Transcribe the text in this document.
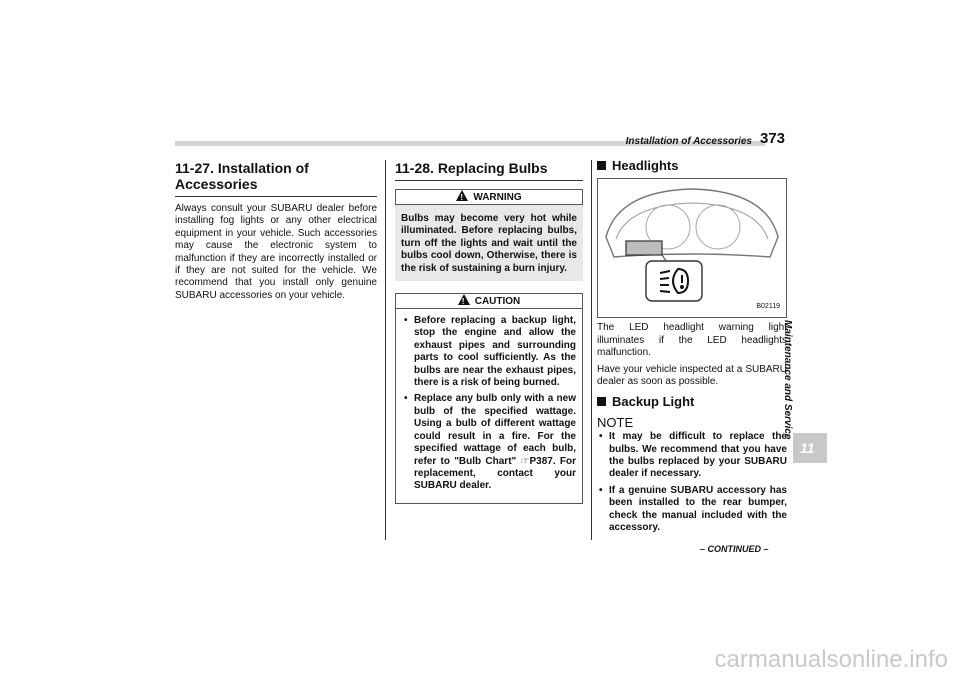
Installation of Accessories 373
Maintenance and Service
11
11-27. Installation of Accessories

Always consult your SUBARU dealer before installing fog lights or any other electrical equipment in your vehicle. Such accessories may cause the electronic system to malfunction if they are incorrectly installed or if they are not suited for the vehicle. We recommend that you install only genuine SUBARU accessories on your vehicle.

11-28. Replacing Bulbs
!WARNING

Bulbs may become very hot while illuminated. Before replacing bulbs, turn off the lights and wait until the bulbs cool down, Otherwise, there is the risk of sustaining a burn injury.

!CAUTION
• Before replacing a backup light, stop the engine and allow the exhaust pipes and surrounding parts to cool sufficiently. As the bulbs are near the exhaust pipes, there is a risk of being burned.
• Replace any bulb only with a new bulb of the specified wattage. Using a bulb of different wattage could result in a fire. For the specified wattage of each bulb, refer to "Bulb Chart" ☞P387. For replacement, contact your SUBARU dealer.
Headlights
B02119

The LED headlight warning light illuminates if the LED headlights malfunction.

Have your vehicle inspected at a SUBARU dealer as soon as possible.

Backup Light
NOTE
• It may be difficult to replace the bulbs. We recommend that you have the bulbs replaced by your SUBARU dealer if necessary.
• If a genuine SUBARU accessory has been installed to the rear bumper, check the manual included with the accessory.
– CONTINUED –
carmanualsonline.info
